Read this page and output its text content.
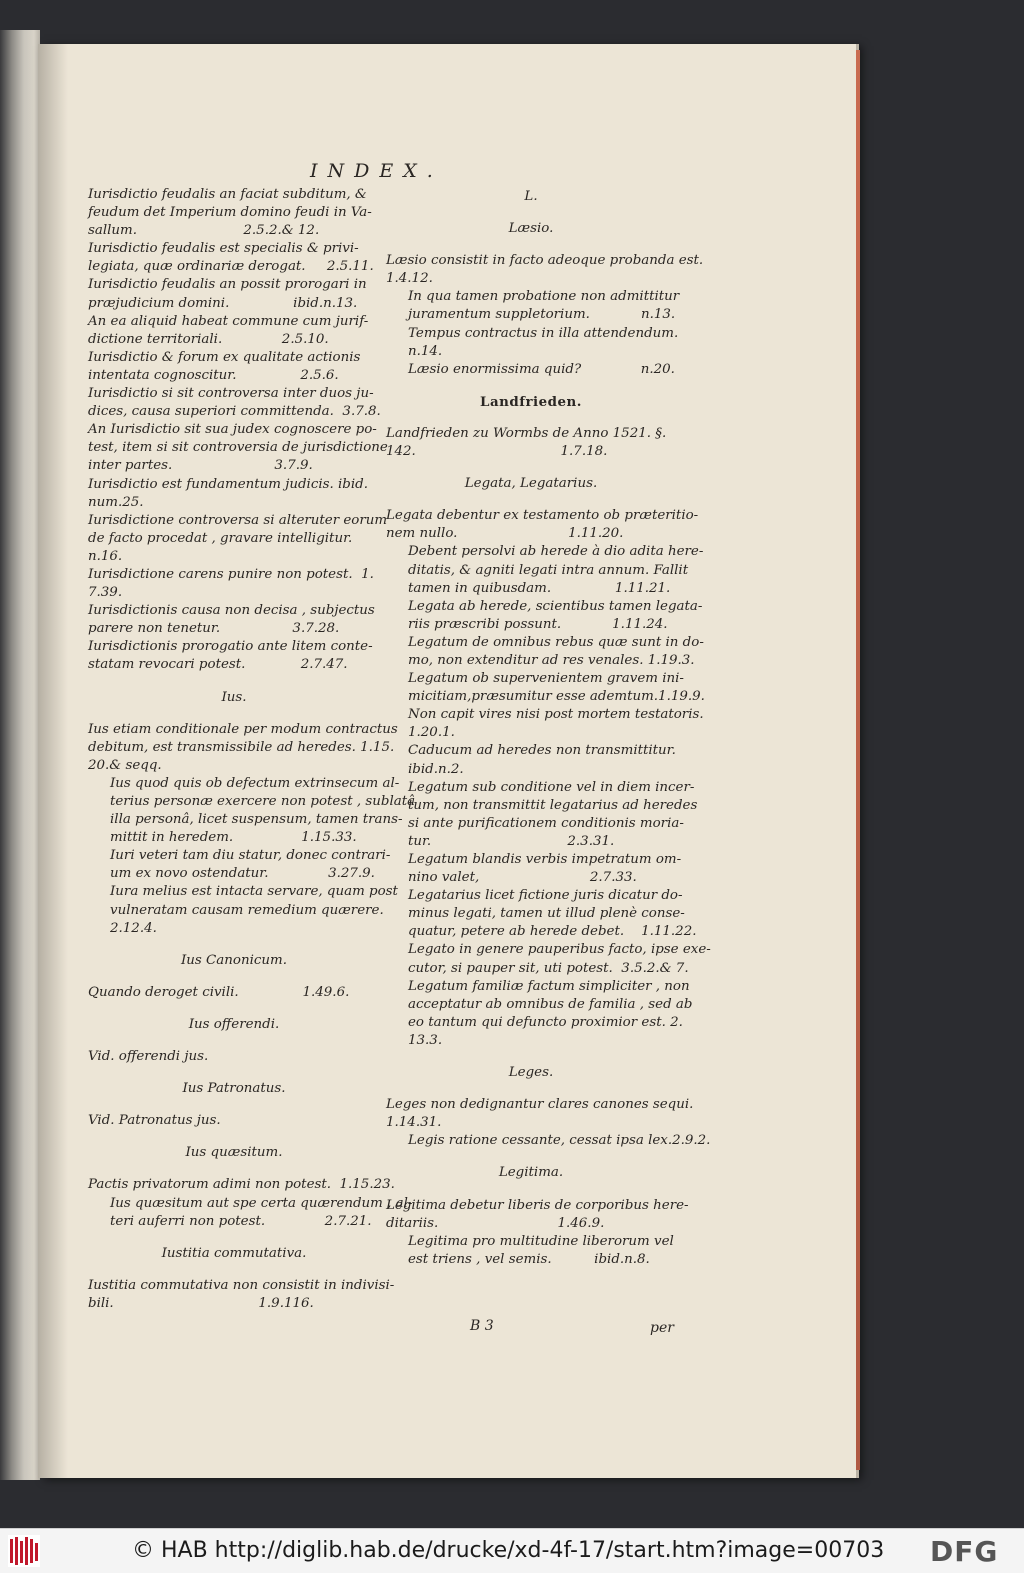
INDEX.
Iurisdictio feudalis an faciat subditum, &
feudum det Imperium domino feudi in Va-
sallum.                         2.5.2.& 12.
Iurisdictio feudalis est specialis & privi-
legiata, quæ ordinariæ derogat.     2.5.11.
Iurisdictio feudalis an possit prorogari in
præjudicium domini.               ibid.n.13.
An ea aliquid habeat commune cum jurif-
dictione territoriali.              2.5.10.
Iurisdictio & forum ex qualitate actionis
intentata cognoscitur.               2.5.6.
Iurisdictio si sit controversa inter duos ju-
dices, causa superiori committenda.  3.7.8.
An Iurisdictio sit sua judex cognoscere po-
test, item si sit controversia de jurisdictione
inter partes.                        3.7.9.
Iurisdictio est fundamentum judicis. ibid.
num.25.
Iurisdictione controversa si alteruter eorum
de facto procedat , gravare intelligitur.
n.16.
Iurisdictione carens punire non potest.  1.
7.39.
Iurisdictionis causa non decisa , subjectus
parere non tenetur.                 3.7.28.
Iurisdictionis prorogatio ante litem conte-
statam revocari potest.             2.7.47.
Ius.
Ius etiam conditionale per modum contractus
debitum, est transmissibile ad heredes. 1.15.
20.& seqq.
Ius quod quis ob defectum extrinsecum al-
terius personæ exercere non potest , sublatâ
illa personâ, licet suspensum, tamen trans-
mittit in heredem.                1.15.33.
Iuri veteri tam diu statur, donec contrari-
um ex novo ostendatur.              3.27.9.
Iura melius est intacta servare, quam post
vulneratam causam remedium quærere.
2.12.4.
Ius Canonicum.
Quando deroget civili.               1.49.6.
Ius offerendi.
Vid. offerendi jus.
Ius Patronatus.
Vid. Patronatus jus.
Ius quæsitum.
Pactis privatorum adimi non potest.  1.15.23.
Ius quæsitum aut spe certa quærendum , al-
teri auferri non potest.              2.7.21.
Iustitia commutativa.
Iustitia commutativa non consistit in indivisi-
bili.                                  1.9.116.
L.
Læsio.
Læsio consistit in facto adeoque probanda est.
1.4.12.
In qua tamen probatione non admittitur
juramentum suppletorium.            n.13.
Tempus contractus in illa attendendum.
n.14.
Læsio enormissima quid?              n.20.
Landfrieden.
Landfrieden zu Wormbs de Anno 1521. §.
142.                                  1.7.18.
Legata, Legatarius.
Legata debentur ex testamento ob præteritio-
nem nullo.                          1.11.20.
Debent persolvi ab herede à dio adita here-
ditatis, & agniti legati intra annum. Fallit
tamen in quibusdam.               1.11.21.
Legata ab herede, scientibus tamen legata-
riis præscribi possunt.            1.11.24.
Legatum de omnibus rebus quæ sunt in do-
mo, non extenditur ad res venales. 1.19.3.
Legatum ob supervenientem gravem ini-
micitiam,præsumitur esse ademtum.1.19.9.
Non capit vires nisi post mortem testatoris.
1.20.1.
Caducum ad heredes non transmittitur.
ibid.n.2.
Legatum sub conditione vel in diem incer-
tum, non transmittit legatarius ad heredes
si ante purificationem conditionis moria-
tur.                                2.3.31.
Legatum blandis verbis impetratum om-
nino valet,                          2.7.33.
Legatarius licet fictione juris dicatur do-
minus legati, tamen ut illud plenè conse-
quatur, petere ab herede debet.    1.11.22.
Legato in genere pauperibus facto, ipse exe-
cutor, si pauper sit, uti potest.  3.5.2.& 7.
Legatum familiæ factum simpliciter , non
acceptatur ab omnibus de familia , sed ab
eo tantum qui defuncto proximior est. 2.
13.3.
Leges.
Leges non dedignantur clares canones sequi.
1.14.31.
Legis ratione cessante, cessat ipsa lex.2.9.2.
Legitima.
Legitima debetur liberis de corporibus here-
ditariis.                            1.46.9.
Legitima pro multitudine liberorum vel
est triens , vel semis.          ibid.n.8.
B 3	per
© HAB http://diglib.hab.de/drucke/xd-4f-17/start.htm?image=00703 DFG
